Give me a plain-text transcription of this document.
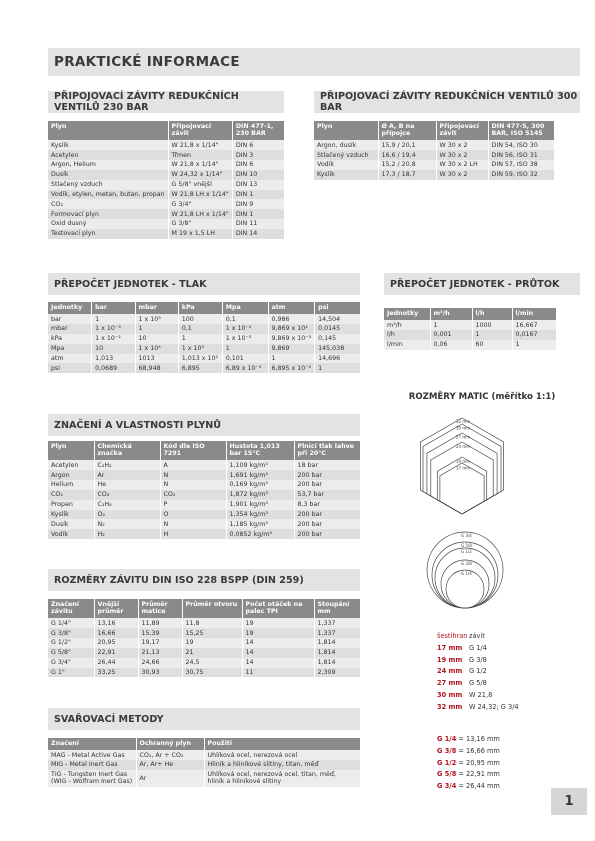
PRAKTICKÉ INFORMACE
PŘIPOJOVACÍ ZÁVITY REDUKČNÍCH VENTILŮ 230 BAR
Plyn	Připojovací závit	DIN 477-1, 230 BAR
Kyslík	W 21,8 x 1/14"	DIN 6
Acetylen	Třmen	DIN 3
Argon, Helium	W 21,8 x 1/14"	DIN 6
Dusík	W 24,32 x 1/14"	DIN 10
Stlačený vzduch	G 5/8" vnější	DIN 13
Vodík, etylen, metan, butan, propan	W 21,8 LH x 1/14"	DIN 1
CO₂	G 3/4"	DIN 9
Formovací plyn	W 21,8 LH x 1/14"	DIN 1
Oxid dusný	G 3/8"	DIN 11
Testovací plyn	M 19 x 1,5 LH	DIN 14
PŘIPOJOVACÍ ZÁVITY REDUKČNÍCH VENTILŮ 300 BAR
Plyn	Ø A, B na přípojce	Připojovací závit	DIN 477-5, 300 BAR, ISO 5145
Argon, dusík	15,9 / 20,1	W 30 x 2	DIN 54, ISO 30
Stlačený vzduch	16,6 / 19,4	W 30 x 2	DIN 56, ISO 31
Vodík	15,2 / 20,8	W 30 x 2 LH	DIN 57, ISO 38
Kyslík	17,3 / 18,7	W 30 x 2	DIN 59, ISO 32
PŘEPOČET JEDNOTEK - TLAK
Jednotky	bar	mbar	kPa	Mpa	atm	psi
bar	1	1 x 10³	100	0,1	0,986	14,504
mbar	1 x 10⁻³	1	0,1	1 x 10⁻⁴	9,869 x 10⁴	0,0145
kPa	1 x 10⁻²	10	1	1 x 10⁻³	9,869 x 10⁻³	0,145
Mpa	10	1 x 10⁴	1 x 10³	1	9,869	145,038
atm	1,013	1013	1,013 x 10²	0,101	1	14,696
psi	0,0689	68,948	6,895	6,89 x 10⁻³	6,895 x 10⁻²	1
PŘEPOČET JEDNOTEK - PRŮTOK
Jednotky	m³/h	l/h	l/min
m³/h	1	1000	16,667
l/h	0,001	1	0,0167
l/min	0,06	60	1
ZNAČENÍ A VLASTNOSTI PLYNŮ
Plyn	Chemická značka	Kód dle ISO 7291	Hustota 1,013 bar 15°C	Plnicí tlak lahve při 20°C
Acetylen	C₂H₂	A	1,109 kg/m³	18 bar
Argon	Ar	N	1,691 kg/m³	200 bar
Helium	He	N	0,169 kg/m³	200 bar
CO₂	CO₂	CO₂	1,872 kg/m³	53,7 bar
Propan	C₃H₈	P	1,901 kg/m³	8,3 bar
Kyslík	O₂	O	1,354 kg/m³	200 bar
Dusík	N₂	N	1,185 kg/m³	200 bar
Vodík	H₂	H	0,0852 kg/m³	200 bar
ROZMĚRY ZÁVITU DIN ISO 228 BSPP (DIN 259)
Značení závitu	Vnější průměr	Průměr matice	Průměr otvoru	Počet otáček na palec TPI	Stoupání mm
G 1/4"	13,16	11,89	11,8	19	1,337
G 3/8"	16,66	15,39	15,25	19	1,337
G 1/2"	20,95	19,17	19	14	1,814
G 5/8"	22,91	21,13	21	14	1,814
G 3/4"	26,44	24,66	24,5	14	1,814
G 1"	33,25	30,93	30,75	11	2,309
SVAŘOVACÍ METODY
Značení	Ochranný plyn	Použití
MAG - Metal Active Gas	CO₂, Ar + CO₂	Uhlíková ocel, nerezová ocel
MIG - Metal Inert Gas	Ar, Ar+ He	Hliník a hliníkové slitiny, titan, měď
TIG - Tungsten Inert Gas
(WIG - Wolfram Inert Gas)	Ar	Uhlíková ocel, nerezová ocel, titan, měď,
hliník a hliníkové slitiny
ROZMĚRY MATIC (měřítko 1:1)
32 mm
30 mm
27 mm
24 mm
19 mm
17 mm
G 3/4
G 5/8
G 1/2
G 3/8
G 1/4
šestihran závit
17 mm	G 1/4
19 mm	G 3/8
24 mm	G 1/2
27 mm	G 5/8
30 mm	W 21,8
32 mm	W 24,32; G 3/4
G 1/4 = 13,16 mm
G 3/8 = 16,66 mm
G 1/2 = 20,95 mm
G 5/8 = 22,91 mm
G 3/4 = 26,44 mm
1
